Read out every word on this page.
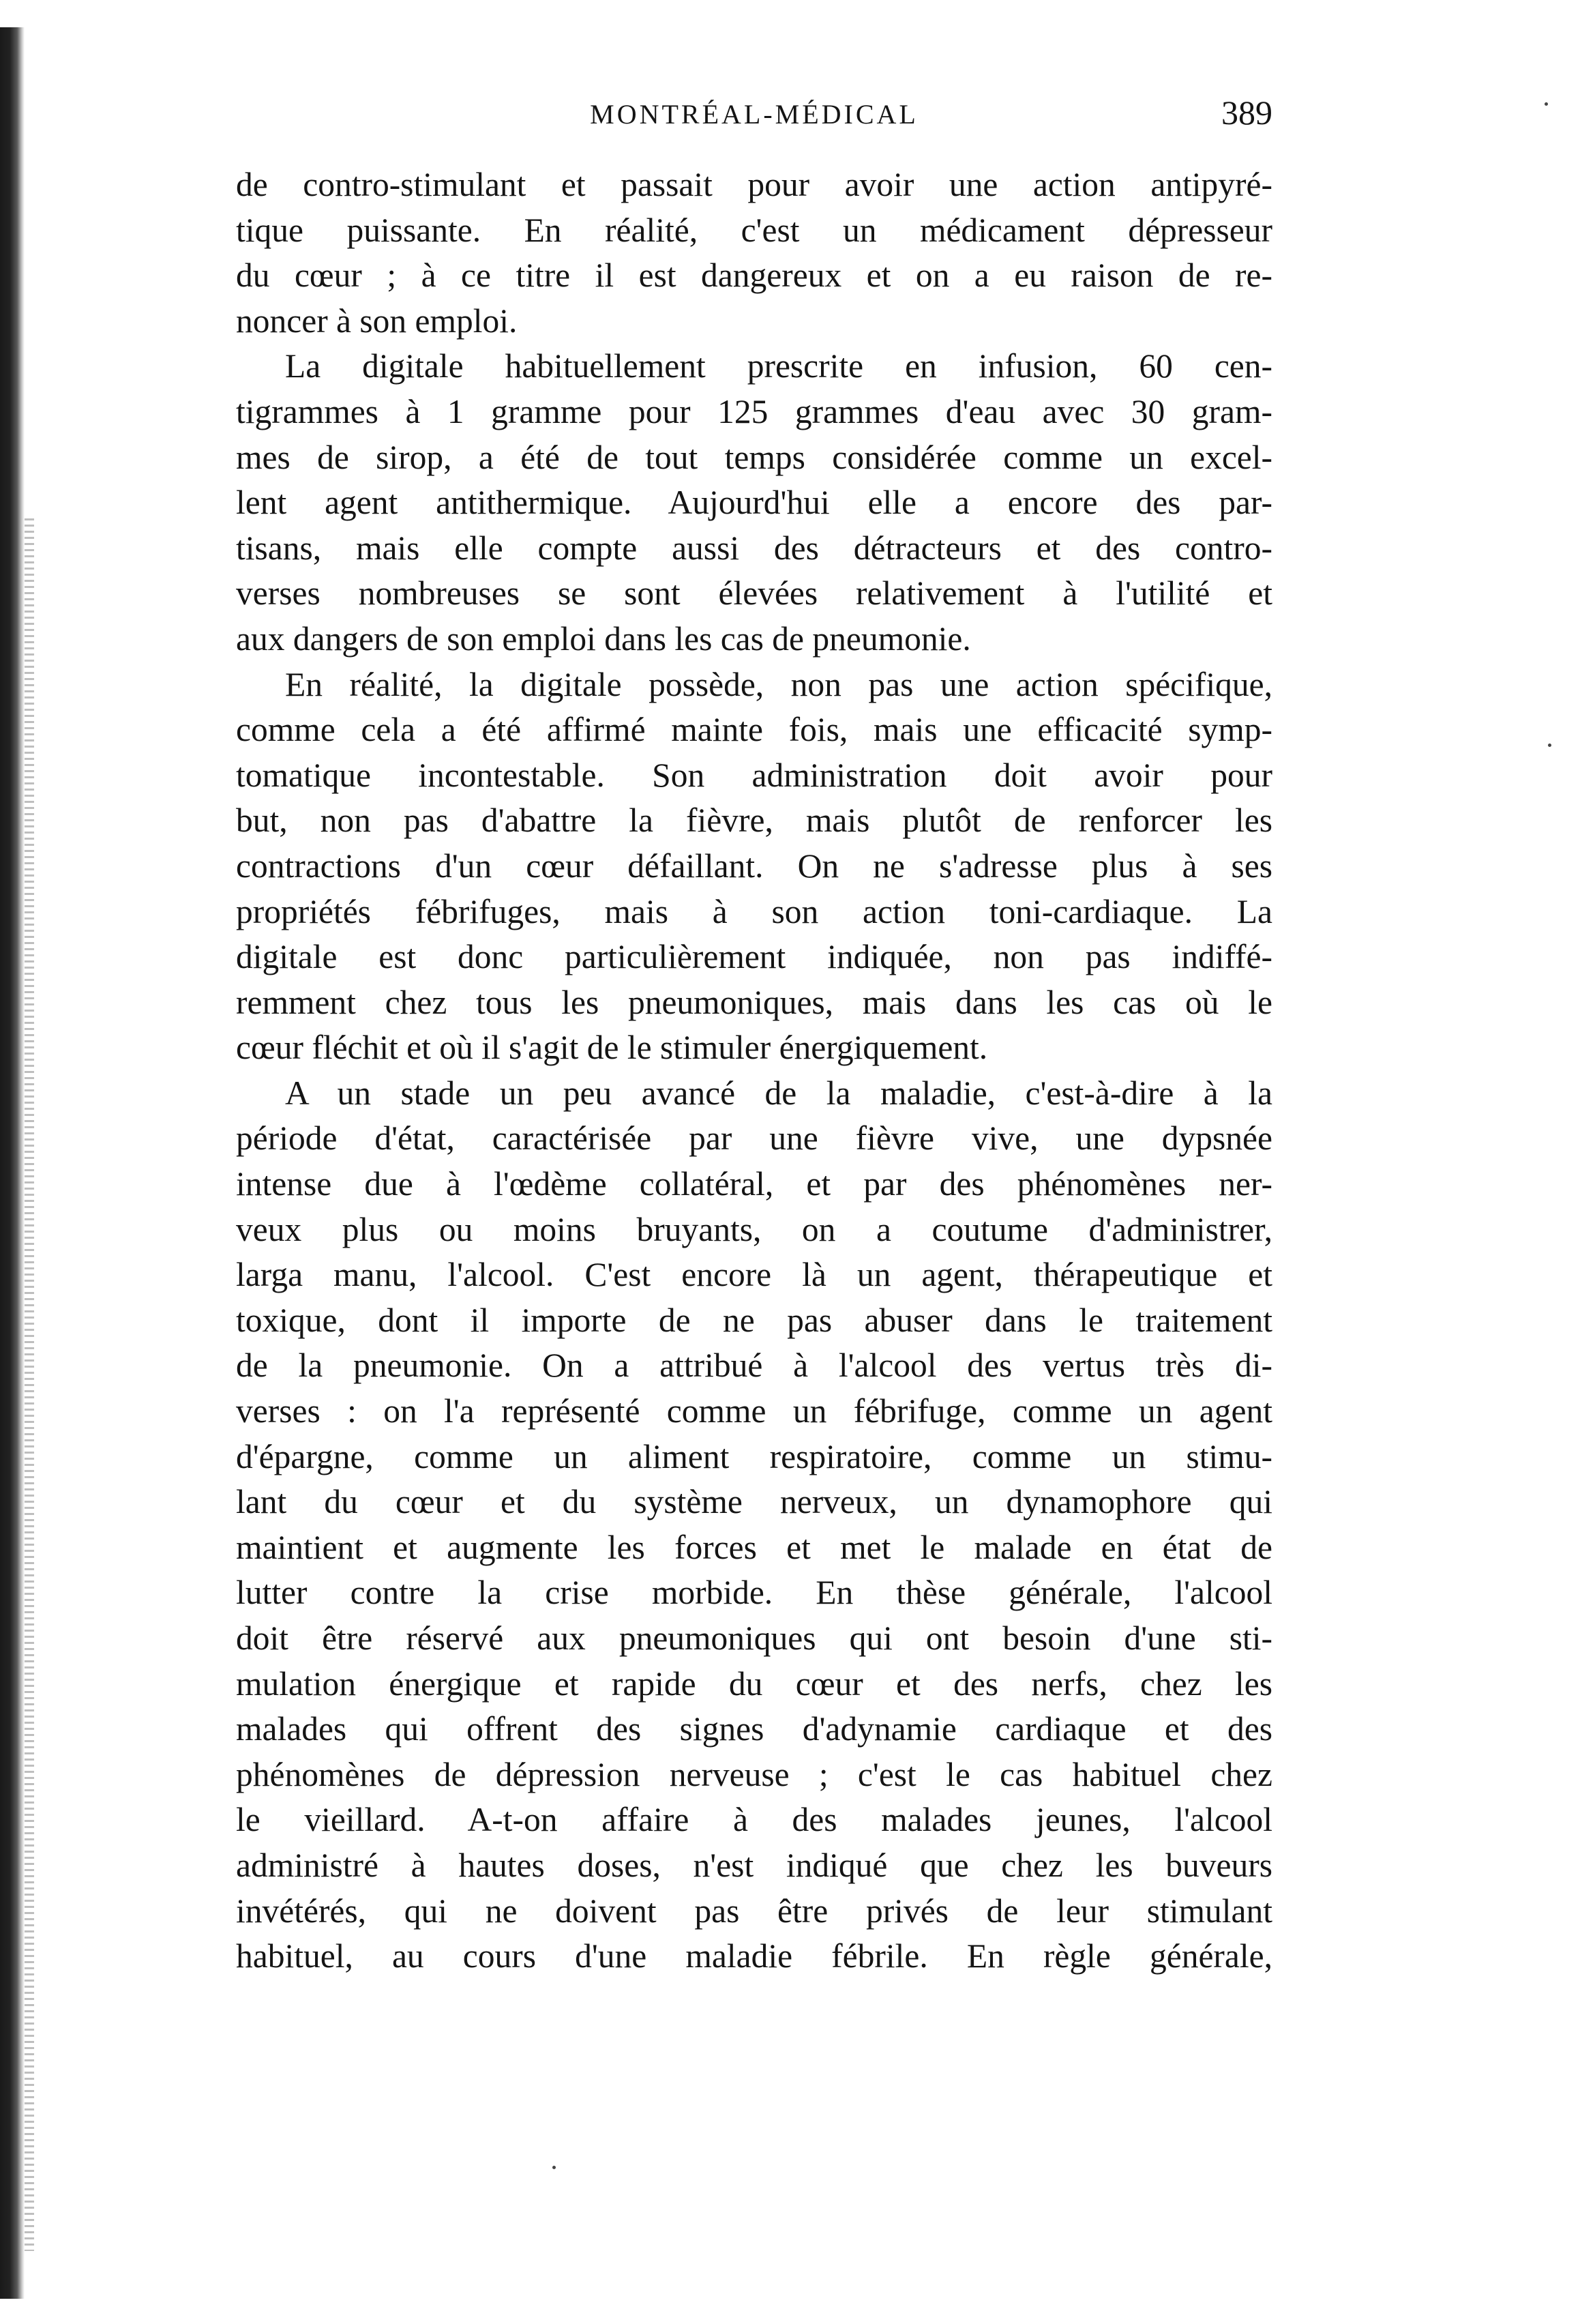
MONTRÉAL-MÉDICAL	389
de contro-stimulant et passait pour avoir une action antipyré-
tique puissante. En réalité, c'est un médicament dépresseur
du cœur ; à ce titre il est dangereux et on a eu raison de re-
noncer à son emploi.
La digitale habituellement prescrite en infusion, 60 cen-
tigrammes à 1 gramme pour 125 grammes d'eau avec 30 gram-
mes de sirop, a été de tout temps considérée comme un excel-
lent agent antithermique. Aujourd'hui elle a encore des par-
tisans, mais elle compte aussi des détracteurs et des contro-
verses nombreuses se sont élevées relativement à l'utilité et
aux dangers de son emploi dans les cas de pneumonie.
En réalité, la digitale possède, non pas une action spécifique,
comme cela a été affirmé mainte fois, mais une efficacité symp-
tomatique incontestable. Son administration doit avoir pour
but, non pas d'abattre la fièvre, mais plutôt de renforcer les
contractions d'un cœur défaillant. On ne s'adresse plus à ses
propriétés fébrifuges, mais à son action toni-cardiaque. La
digitale est donc particulièrement indiquée, non pas indiffé-
remment chez tous les pneumoniques, mais dans les cas où le
cœur fléchit et où il s'agit de le stimuler énergiquement.
A un stade un peu avancé de la maladie, c'est-à-dire à la
période d'état, caractérisée par une fièvre vive, une dypsnée
intense due à l'œdème collatéral, et par des phénomènes ner-
veux plus ou moins bruyants, on a coutume d'administrer,
larga manu, l'alcool. C'est encore là un agent, thérapeutique et
toxique, dont il importe de ne pas abuser dans le traitement
de la pneumonie. On a attribué à l'alcool des vertus très di-
verses : on l'a représenté comme un fébrifuge, comme un agent
d'épargne, comme un aliment respiratoire, comme un stimu-
lant du cœur et du système nerveux, un dynamophore qui
maintient et augmente les forces et met le malade en état de
lutter contre la crise morbide. En thèse générale, l'alcool
doit être réservé aux pneumoniques qui ont besoin d'une sti-
mulation énergique et rapide du cœur et des nerfs, chez les
malades qui offrent des signes d'adynamie cardiaque et des
phénomènes de dépression nerveuse ; c'est le cas habituel chez
le vieillard. A-t-on affaire à des malades jeunes, l'alcool
administré à hautes doses, n'est indiqué que chez les buveurs
invétérés, qui ne doivent pas être privés de leur stimulant
habituel, au cours d'une maladie fébrile. En règle générale,
